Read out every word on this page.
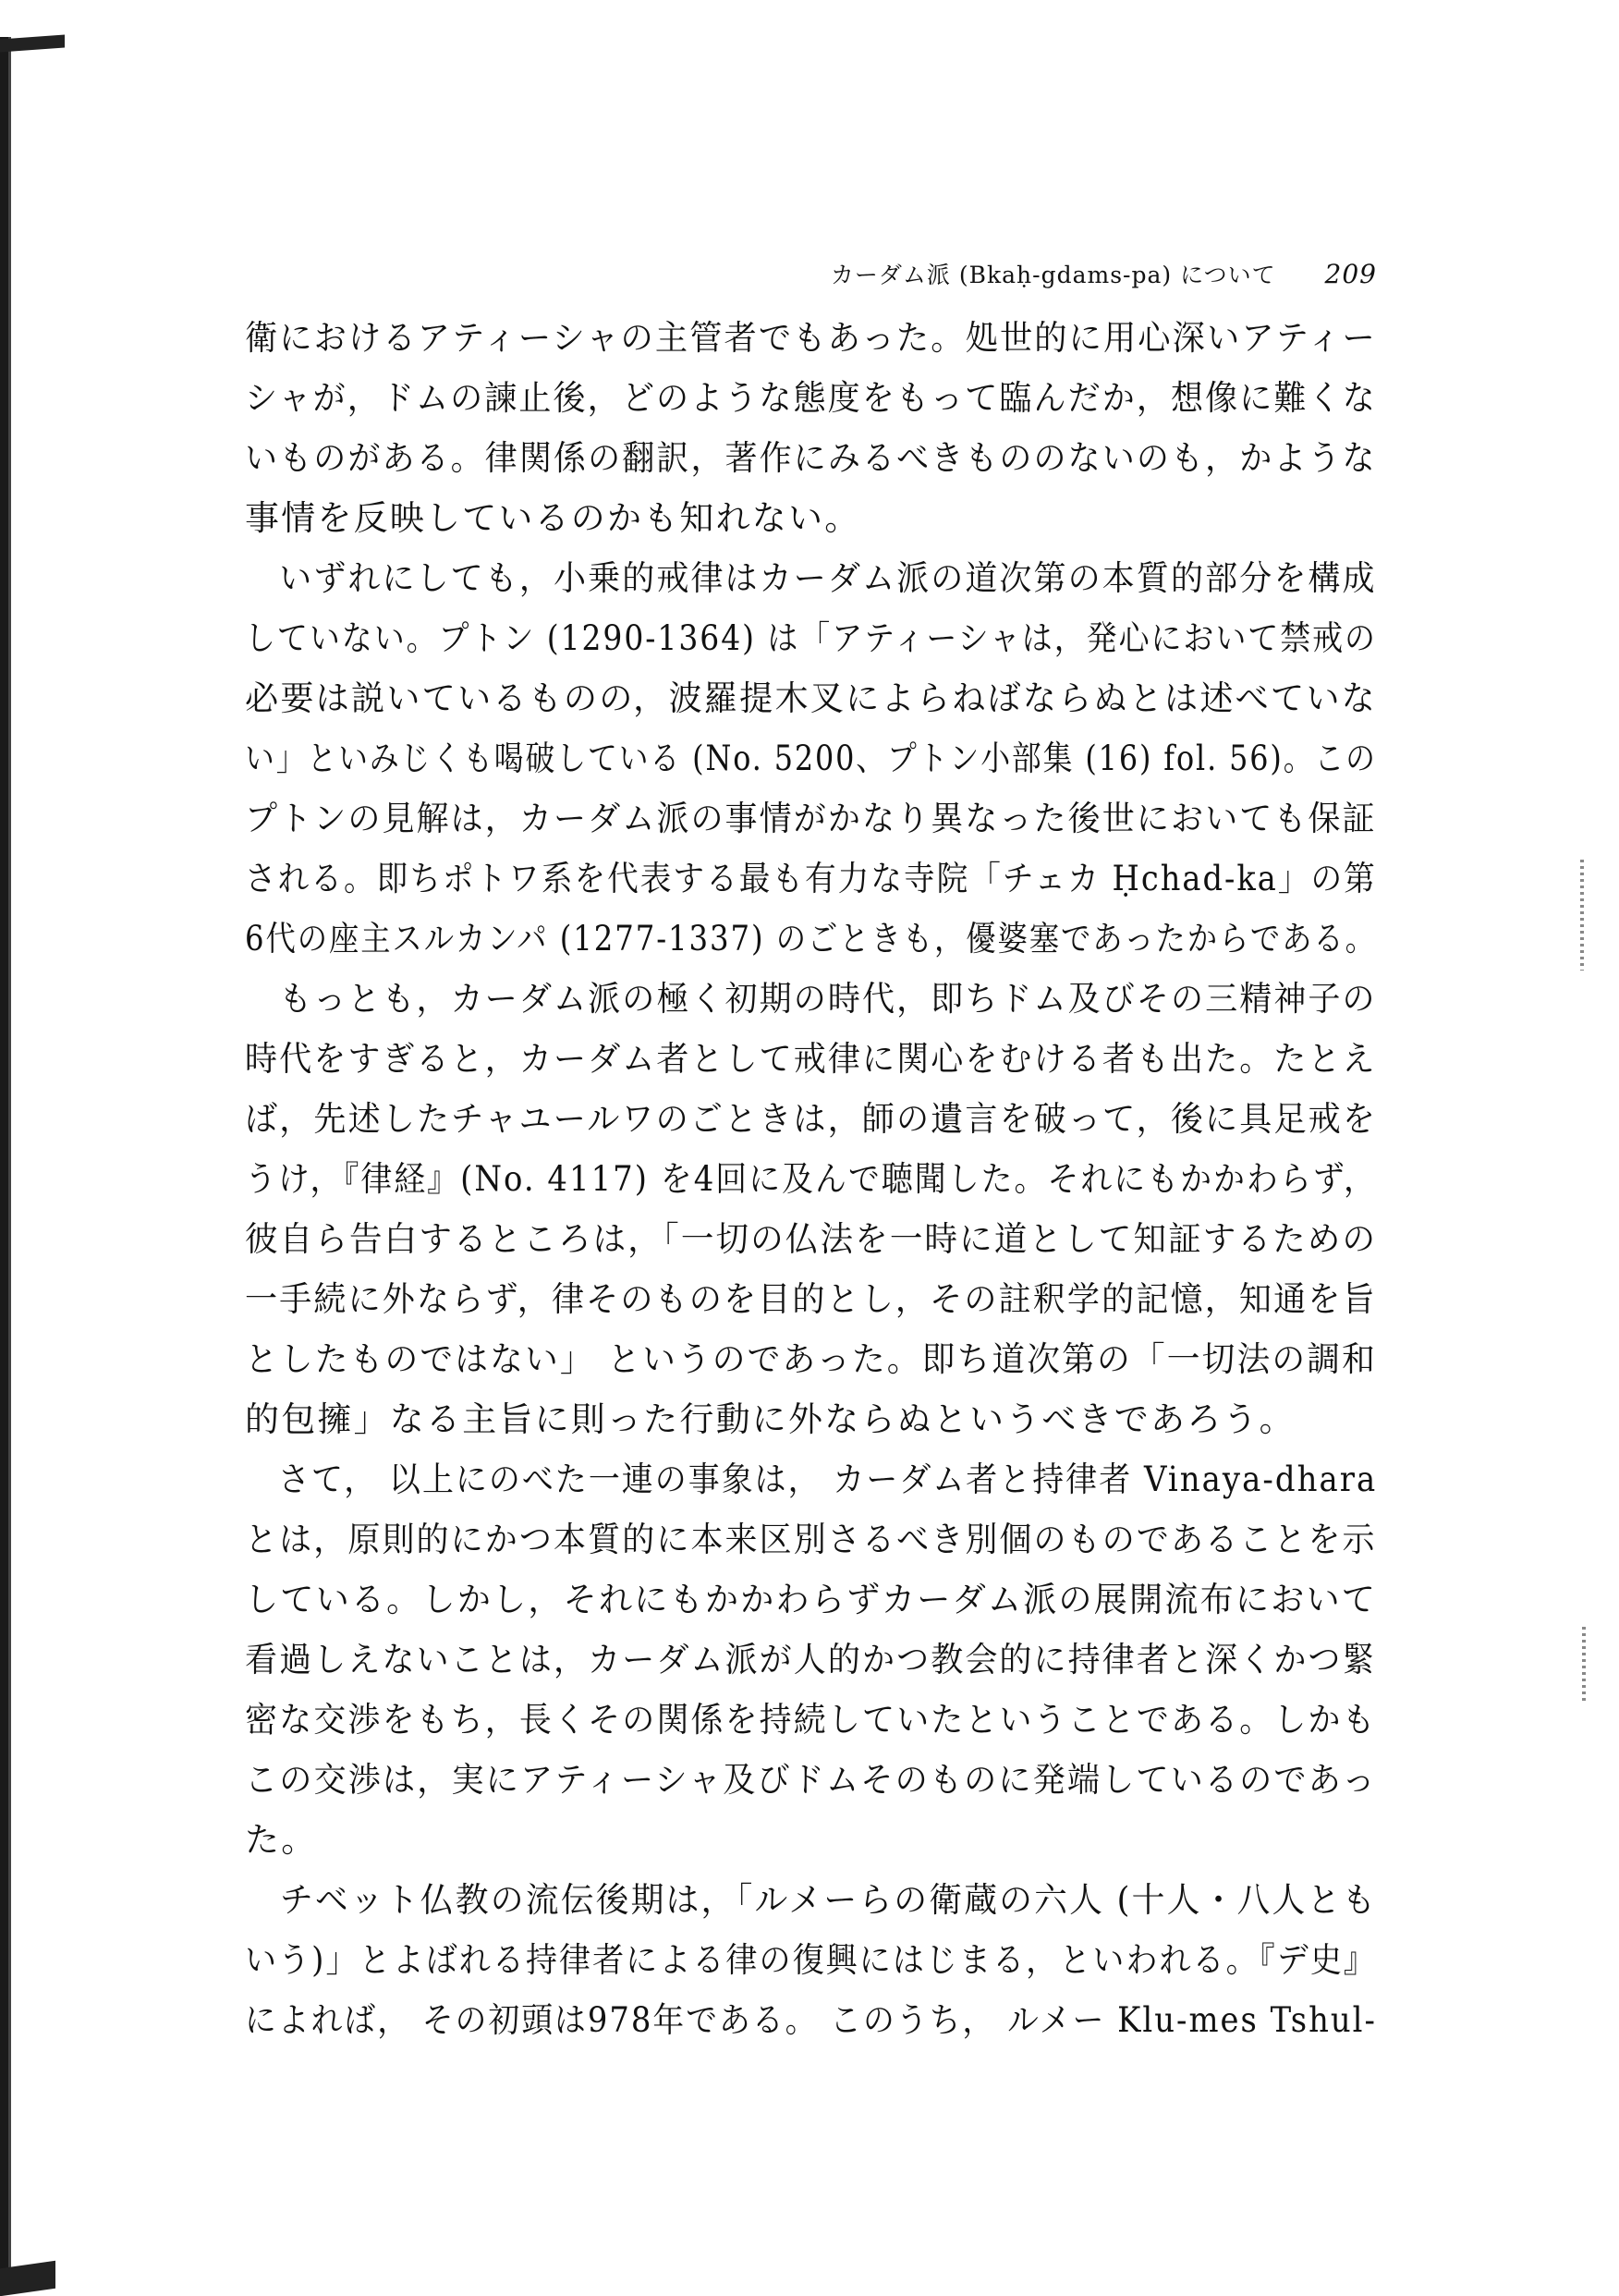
カーダム派 (Bkaḥ-gdams-pa) について 209
衛におけるアティーシャの主管者でもあった。処世的に用心深いアティー
シャが，ドムの諫止後，どのような態度をもって臨んだか，想像に難くな
いものがある。律関係の翻訳，著作にみるべきもののないのも，かような
事情を反映しているのかも知れない。
　いずれにしても，小乗的戒律はカーダム派の道次第の本質的部分を構成
していない。プトン (1290-1364) は「アティーシャは，発心において禁戒の
必要は説いているものの，波羅提木叉によらねばならぬとは述べていな
い」といみじくも喝破している (No. 5200、プトン小部集 (16) fol. 56)。この
プトンの見解は，カーダム派の事情がかなり異なった後世においても保証
される。即ちポトワ系を代表する最も有力な寺院「チェカ Ḥchad-ka」の第
6代の座主スルカンパ (1277-1337) のごときも，優婆塞であったからである。
　もっとも，カーダム派の極く初期の時代，即ちドム及びその三精神子の
時代をすぎると，カーダム者として戒律に関心をむける者も出た。たとえ
ば，先述したチャユールワのごときは，師の遺言を破って，後に具足戒を
うけ，『律経』(No. 4117) を4回に及んで聴聞した。それにもかかわらず，
彼自ら告白するところは，「一切の仏法を一時に道として知証するための
一手続に外ならず，律そのものを目的とし，その註釈学的記憶，知通を旨
としたものではない」 というのであった。即ち道次第の「一切法の調和
的包擁」なる主旨に則った行動に外ならぬというべきであろう。
　さて， 以上にのべた一連の事象は， カーダム者と持律者 Vinaya-dhara
とは，原則的にかつ本質的に本来区別さるべき別個のものであることを示
している。しかし，それにもかかわらずカーダム派の展開流布において
看過しえないことは，カーダム派が人的かつ教会的に持律者と深くかつ緊
密な交渉をもち，長くその関係を持続していたということである。しかも
この交渉は，実にアティーシャ及びドムそのものに発端しているのであっ
た。
　チベット仏教の流伝後期は，「ルメーらの衛蔵の六人 (十人・八人とも
いう)」とよばれる持律者による律の復興にはじまる，といわれる。『デ史』
によれば， その初頭は978年である。 このうち， ルメー Klu-mes Tshul-
